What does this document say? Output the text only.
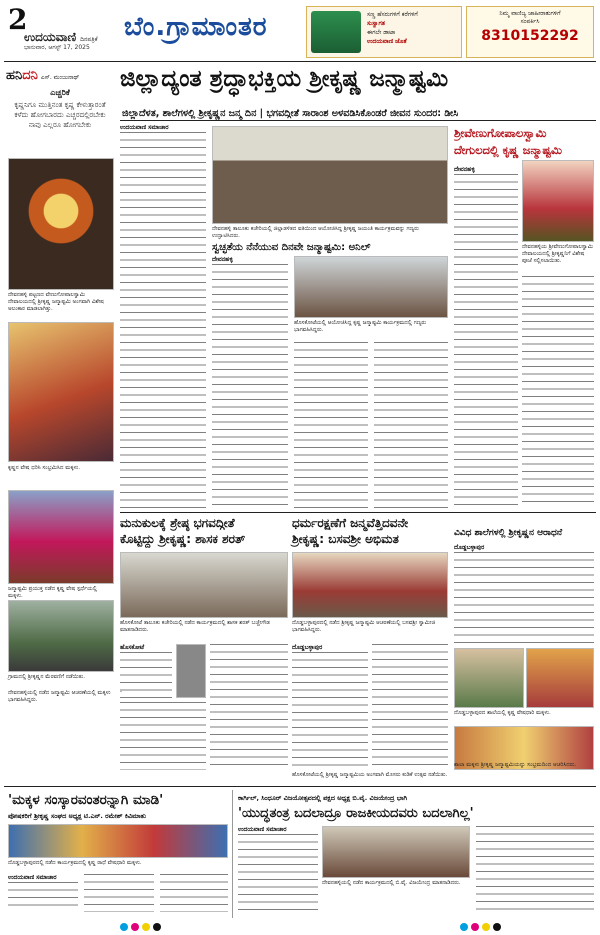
2
ಉದಯವಾಣಿ ದಿನಪತ್ರಿಕೆ
ಭಾನುವಾರ, ಆಗಸ್ಟ್ 17, 2025
ಬೆಂ.ಗ್ರಾಮಾಂತರ	ಸಣ್ಣ ಹೆಸರುಗಳಿಗೆ ಕರೆಗಳಿಗೆ
ಸುಸ್ವಾಗತ
ಈಗಲೇ ಡಾಟಾ
ಉದಯವಾಣಿ ಜೊತೆ
ನಿಮ್ಮ ವಾಣಿಜ್ಯ ಜಾಹೀರಾತುಗಳಿಗೆ
ಸಂಪರ್ಕಿಸಿ
8310152292
ಹನಿದನಿ ಎಸ್. ಮಂಜುನಾಥ್
ಎಚ್ಚರಿಕೆ
ಕೃಷ್ಣನಿಗೂ ಮುತ್ತಿನಂತ ಕೃಷ್ಣ ಕೇಳುತ್ತಾರಂತೆ ಕಳೆದು ಹೋಗಬಾರದು ಎಚ್ಚರದಲ್ಲಿರಬೇಕು ನಾವು ಎಲ್ಲರೂ ಹೋಗಬೇಕು
ದೇವನಹಳ್ಳಿ ಪಟ್ಟಣದ ವೇಣುಗೋಪಾಲಸ್ವಾಮಿ ದೇವಾಲಯದಲ್ಲಿ ಶ್ರೀಕೃಷ್ಣ ಜನ್ಮಾಷ್ಟಮಿ ಅಂಗವಾಗಿ ವಿಶೇಷ ಅಲಂಕಾರ ಮಾಡಲಾಗಿತ್ತು.
ಕೃಷ್ಣನ ವೇಷ ಧರಿಸಿ ಸಂಭ್ರಮಿಸಿದ ಮಕ್ಕಳು.
ಜನ್ಮಾಷ್ಟಮಿ ಪ್ರಯುಕ್ತ ನಡೆದ ಕೃಷ್ಣ ವೇಷ ಸ್ಪರ್ಧೆಯಲ್ಲಿ ಮಕ್ಕಳು.
ಗ್ರಾಮದಲ್ಲಿ ಶ್ರೀಕೃಷ್ಣನ ಮೆರವಣಿಗೆ ನಡೆಯಿತು.
ಜಿಲ್ಲಾದ್ಯಂತ ಶ್ರದ್ಧಾಭಕ್ತಿಯ ಶ್ರೀಕೃಷ್ಣ ಜನ್ಮಾಷ್ಟಮಿ
ಜಿಲ್ಲಾದೆಳತ, ಶಾಲೆಗಳಲ್ಲಿ ಶ್ರೀಕೃಷ್ಣನ ಜನ್ಮ ದಿನ | ಭಗವದ್ಗೀತೆ ಸಾರಾಂಶ ಅಳವಡಿಸಿಕೊಂಡರೆ ಜೀವನ ಸುಂದರ: ಡೀಸಿ
ಉದಯವಾಣಿ ಸಮಾಚಾರ
ದೇವನಹಳ್ಳಿ ತಾಲೂಕು ಕಚೇರಿಯಲ್ಲಿ ಜಿಲ್ಲಾಡಳಿತದ ವತಿಯಿಂದ ಆಯೋಜಿಸಿದ್ದ ಶ್ರೀಕೃಷ್ಣ ಜಯಂತಿ ಕಾರ್ಯಕ್ರಮವನ್ನು ಗಣ್ಯರು ಉದ್ಘಾಟಿಸಿದರು.
ಸ್ವಚ್ಛತೆಯ ನೆನೆಯುವ ದಿನವೇ ಜನ್ಮಾಷ್ಟಮಿ: ಅನಿಲ್
ದೇವನಹಳ್ಳಿ
ಹೊಸಕೋಟೆಯಲ್ಲಿ ಆಯೋಜಿಸಿದ್ದ ಕೃಷ್ಣ ಜನ್ಮಾಷ್ಟಮಿ ಕಾರ್ಯಕ್ರಮದಲ್ಲಿ ಗಣ್ಯರು ಭಾಗವಹಿಸಿದ್ದರು.
ಶ್ರೀವೇಣುಗೋಪಾಲಸ್ವಾಮಿ
ದೇಗುಲದಲ್ಲಿ ಕೃಷ್ಣ ಜನ್ಮಾಷ್ಟಮಿ
ದೇವನಹಳ್ಳಿ
ದೇವನಹಳ್ಳಿಯ ಶ್ರೀವೇಣುಗೋಪಾಲಸ್ವಾಮಿ ದೇವಾಲಯದಲ್ಲಿ ಶ್ರೀಕೃಷ್ಣನಿಗೆ ವಿಶೇಷ ಪೂಜೆ ಸಲ್ಲಿಸಲಾಯಿತು.
ಮನುಕುಲಕ್ಕೆ ಶ್ರೇಷ್ಠ ಭಗವದ್ಗೀತೆ
ಕೊಟ್ಟಿದ್ದು ಶ್ರೀಕೃಷ್ಣ: ಶಾಸಕ ಶರತ್
ಧರ್ಮರಕ್ಷಣೆಗೆ ಜನ್ಮವೆತ್ತಿದವನೇ
ಶ್ರೀಕೃಷ್ಣ: ಬಸವಶ್ರೀ ಅಭಿಮತ	ವಿವಿಧ ಶಾಲೆಗಳಲ್ಲಿ ಶ್ರೀಕೃಷ್ಣನ ಆರಾಧನೆ
ದೊಡ್ಡಬಳ್ಳಾಪುರ
ಹೊಸಕೋಟೆ ತಾಲೂಕು ಕಚೇರಿಯಲ್ಲಿ ನಡೆದ ಕಾರ್ಯಕ್ರಮದಲ್ಲಿ ಶಾಸಕ ಶರತ್ ಬಚ್ಚೇಗೌಡ ಮಾತನಾಡಿದರು.
ದೊಡ್ಡಬಳ್ಳಾಪುರದಲ್ಲಿ ನಡೆದ ಶ್ರೀಕೃಷ್ಣ ಜನ್ಮಾಷ್ಟಮಿ ಆಚರಣೆಯಲ್ಲಿ ಬಸವಶ್ರೀ ಸ್ವಾಮೀಜಿ ಭಾಗವಹಿಸಿದ್ದರು.
ಹೊಸಕೋಟೆ	ದೊಡ್ಡಬಳ್ಳಾಪುರ
ದೊಡ್ಡಬಳ್ಳಾಪುರದ ಶಾಲೆಯಲ್ಲಿ ಕೃಷ್ಣ ವೇಷಧಾರಿ ಮಕ್ಕಳು.
ಶಾಲಾ ಮಕ್ಕಳು ಶ್ರೀಕೃಷ್ಣ ಜನ್ಮಾಷ್ಟಮಿಯನ್ನು ಸಂಭ್ರಮದಿಂದ ಆಚರಿಸಿದರು.
ದೇವನಹಳ್ಳಿಯಲ್ಲಿ ನಡೆದ ಜನ್ಮಾಷ್ಟಮಿ ಆಚರಣೆಯಲ್ಲಿ ಮಕ್ಕಳು ಭಾಗವಹಿಸಿದ್ದರು.
ಹೊಸಕೋಟೆಯಲ್ಲಿ ಶ್ರೀಕೃಷ್ಣ ಜನ್ಮಾಷ್ಟಮಿಯ ಅಂಗವಾಗಿ ಮೊಸರು ಕುಡಿಕೆ ಉತ್ಸವ ನಡೆಯಿತು.
'ಮಕ್ಕಳ ಸಂಸ್ಕಾರವಂತರನ್ನಾಗಿ ಮಾಡಿ'
ಪೋಷಕರಿಗೆ ಶ್ರೀಕೃಷ್ಣ ಸಂಘದ ಅಧ್ಯಕ್ಷ ಟಿ.ಎನ್. ರಮೇಶ್ ಕಿವಿಮಾತು
ದೊಡ್ಡಬಳ್ಳಾಪುರದಲ್ಲಿ ನಡೆದ ಕಾರ್ಯಕ್ರಮದಲ್ಲಿ ಕೃಷ್ಣ ರಾಧೆ ವೇಷಧಾರಿ ಮಕ್ಕಳು.
ಉದಯವಾಣಿ ಸಮಾಚಾರ
ಕಾರ್ಗಿಲ್, ಸಿಂಧೂರ್ ವಿಜಯೋತ್ಸವದಲ್ಲಿ ಪಕ್ಷದ ಅಧ್ಯಕ್ಷ ಬಿ.ವೈ. ವಿಜಯೇಂದ್ರ ಭಾಗಿ
'ಯುದ್ಧತಂತ್ರ ಬದಲಾದ್ರೂ ರಾಜಕೀಯದವರು ಬದಲಾಗಿಲ್ಲ'
ಉದಯವಾಣಿ ಸಮಾಚಾರ
ದೇವನಹಳ್ಳಿಯಲ್ಲಿ ನಡೆದ ಕಾರ್ಯಕ್ರಮದಲ್ಲಿ ಬಿ.ವೈ. ವಿಜಯೇಂದ್ರ ಮಾತನಾಡಿದರು.
